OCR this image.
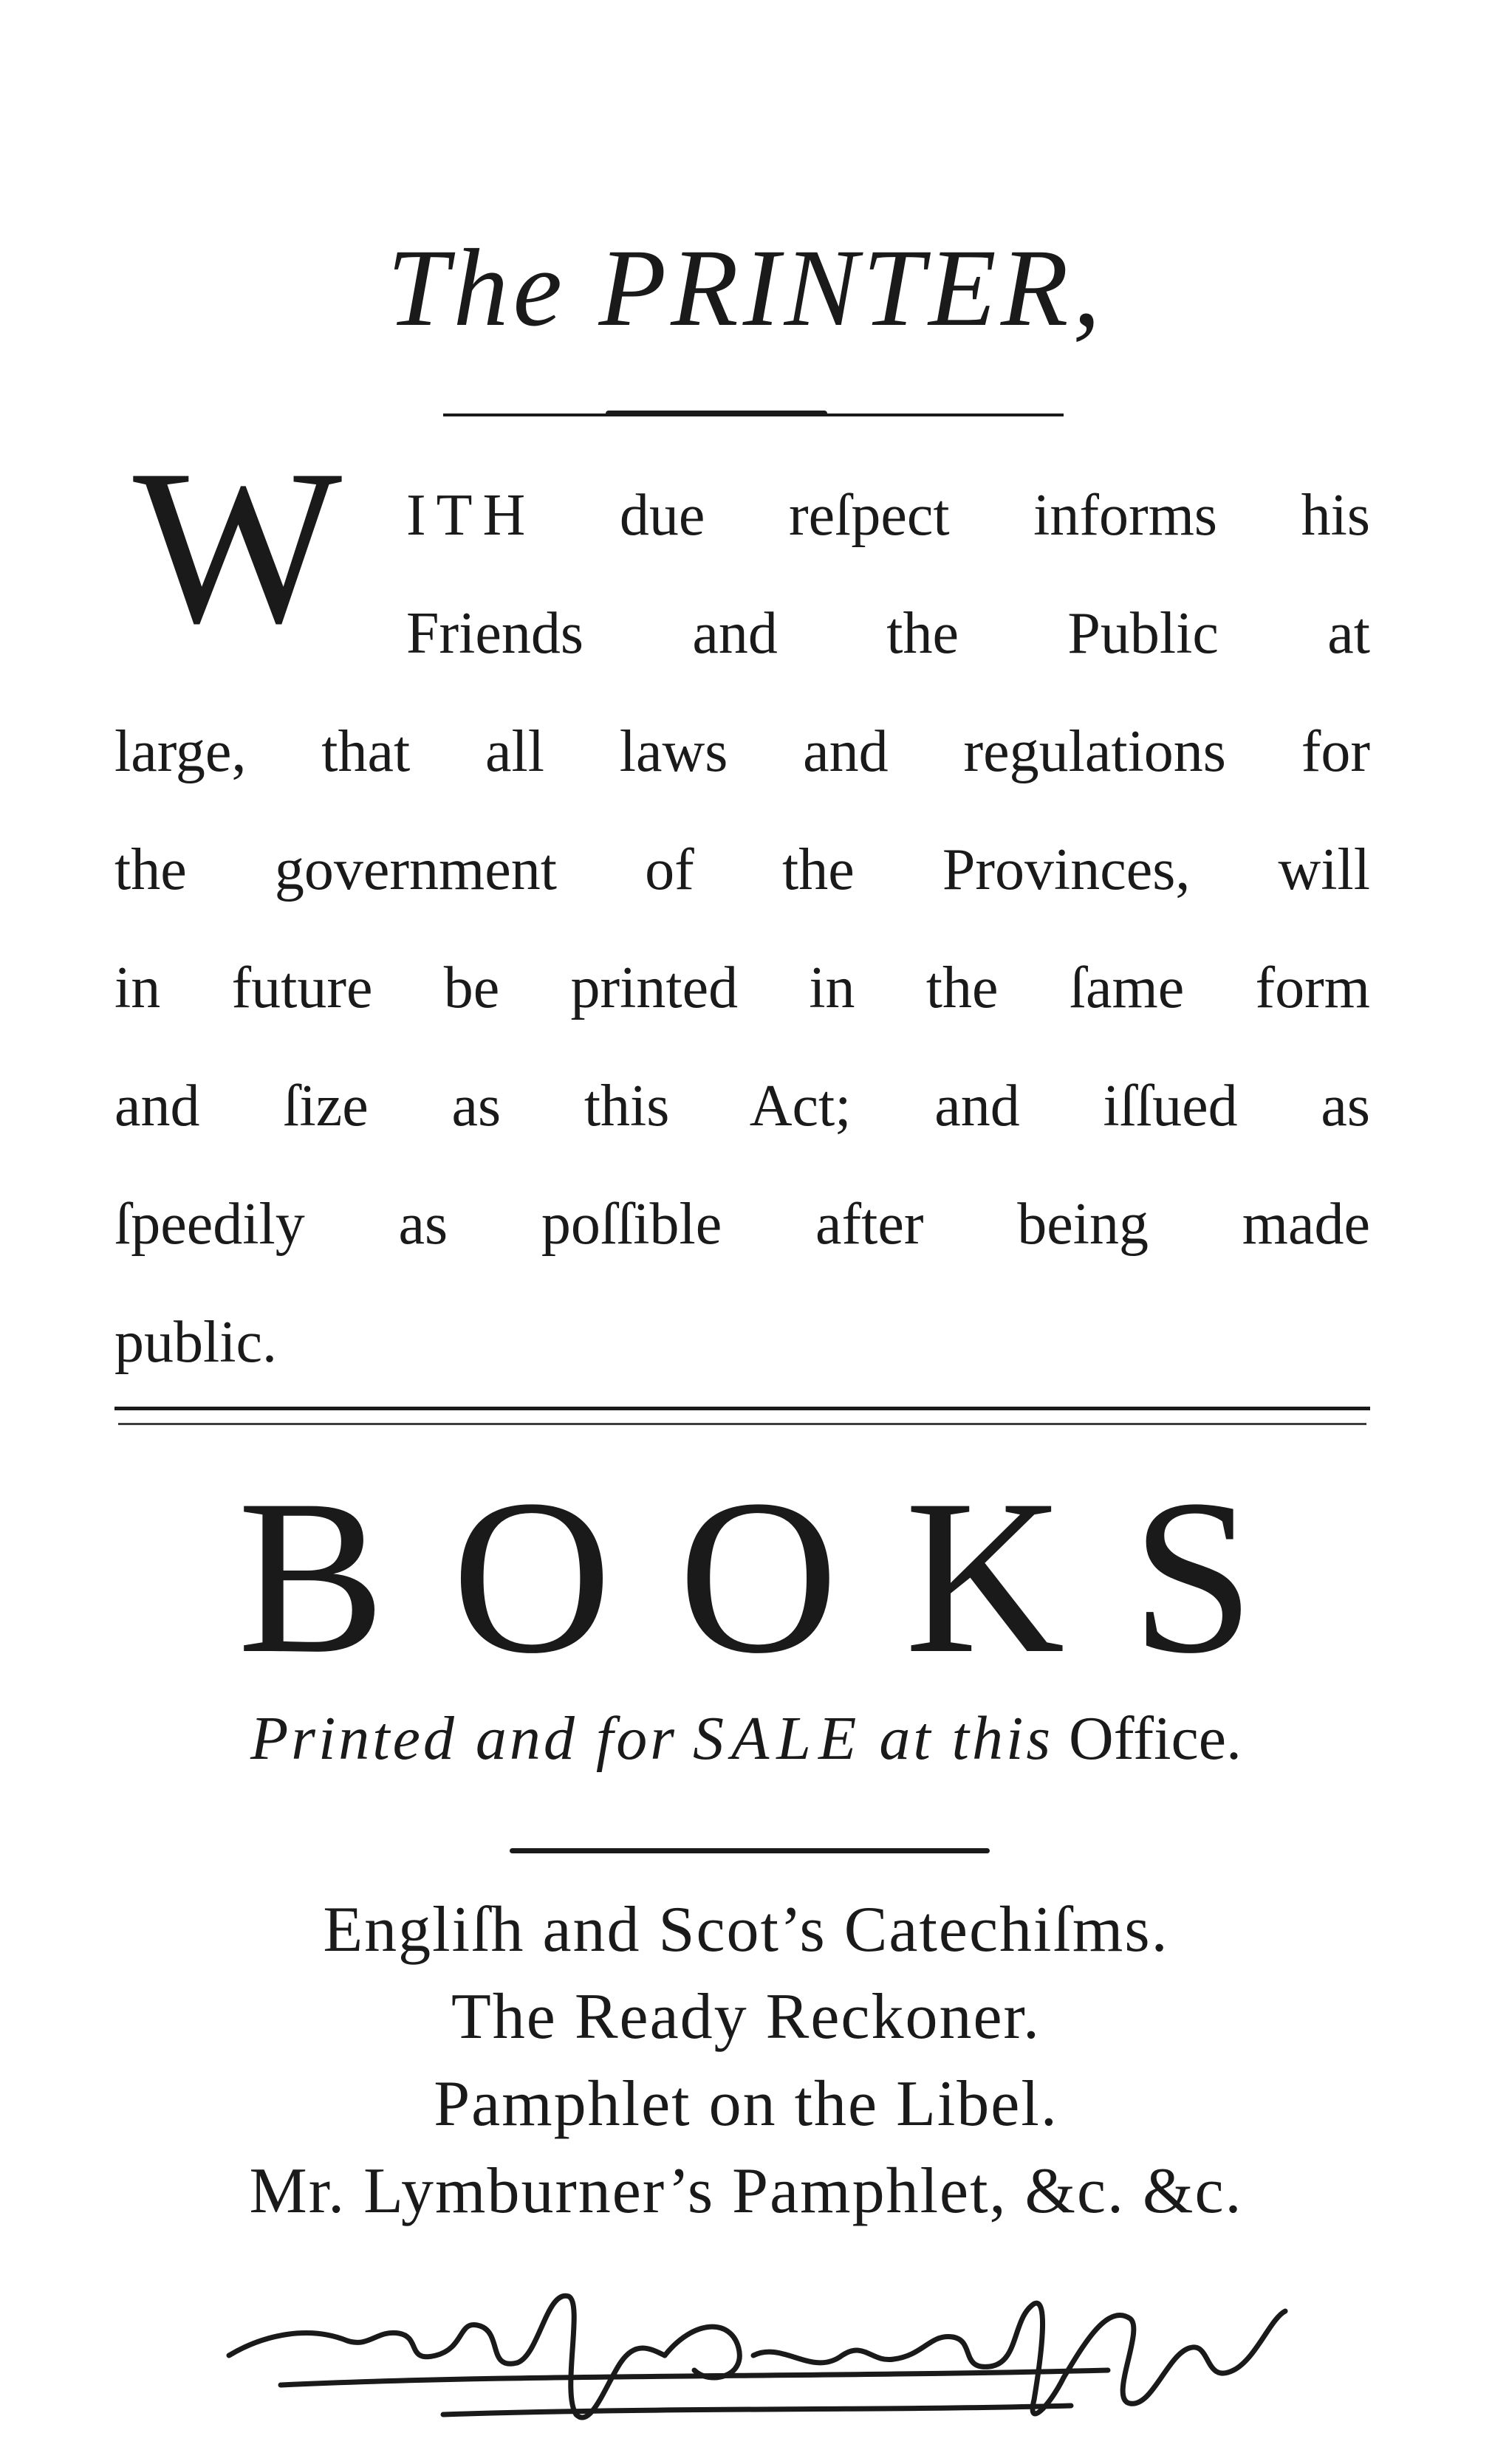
The PRINTER,
W ITH due reſpect informs his
Friends and the Public at
large, that all laws and regulations for
the government of the Provinces, will
in future be printed in the ſame form
and ſize as this Act; and iſſued as
ſpeedily as poſſible after being made
public.
BOOKS
Printed and for SALE at this Office.
Engliſh and Scot’s Catechiſms.
The Ready Reckoner.
Pamphlet on the Libel.
Mr. Lymburner’s Pamphlet, &c. &c.
